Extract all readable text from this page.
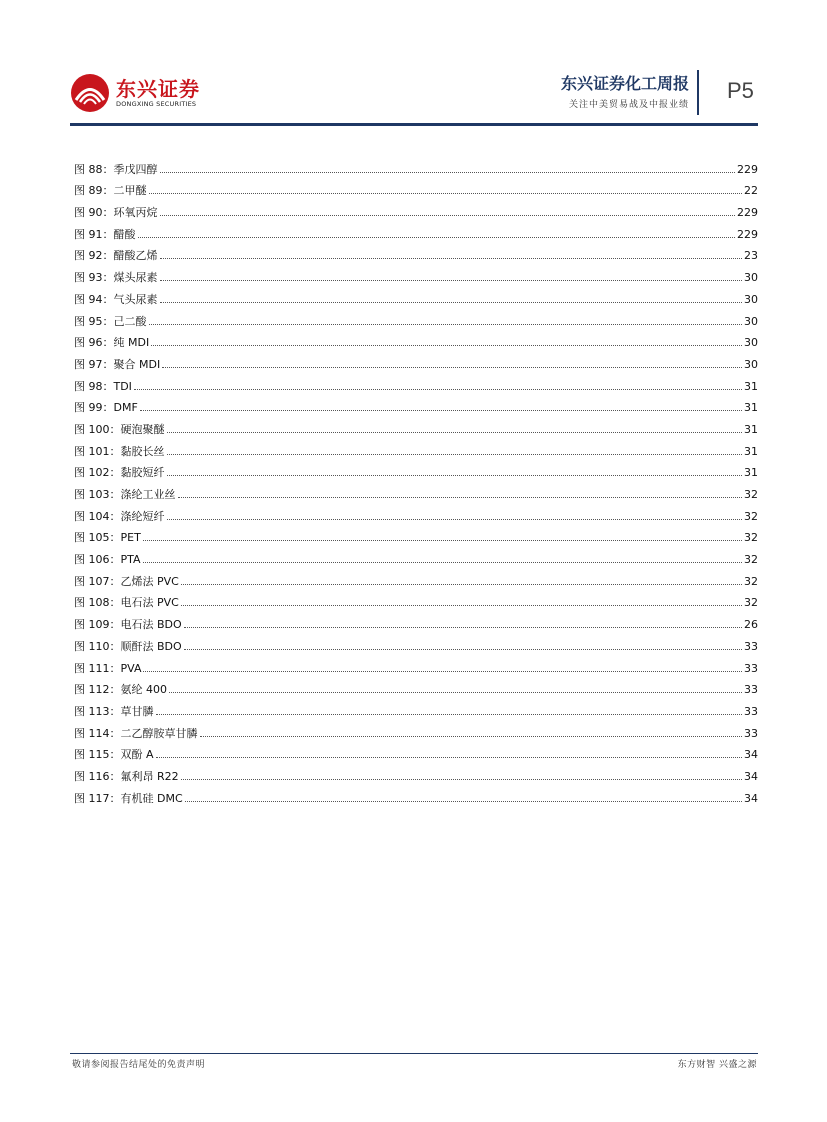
东兴证券
DONGXING SECURITIES
东兴证券化工周报
关注中美贸易战及中报业绩
P5
图 88：季戊四醇	229
图 89：二甲醚	22
图 90：环氧丙烷	229
图 91：醋酸	229
图 92：醋酸乙烯	23
图 93：煤头尿素	30
图 94：气头尿素	30
图 95：己二酸	30
图 96：纯 MDI	30
图 97：聚合 MDI	30
图 98：TDI	31
图 99：DMF	31
图 100：硬泡聚醚	31
图 101：黏胶长丝	31
图 102：黏胶短纤	31
图 103：涤纶工业丝	32
图 104：涤纶短纤	32
图 105：PET	32
图 106：PTA	32
图 107：乙烯法 PVC	32
图 108：电石法 PVC	32
图 109：电石法 BDO	26
图 110：顺酐法 BDO	33
图 111：PVA	33
图 112：氨纶 400	33
图 113：草甘膦	33
图 114：二乙醇胺草甘膦	33
图 115：双酚 A	34
图 116：氟利昂 R22	34
图 117：有机硅 DMC	34
敬请参阅报告结尾处的免责声明	东方财智 兴盛之源
